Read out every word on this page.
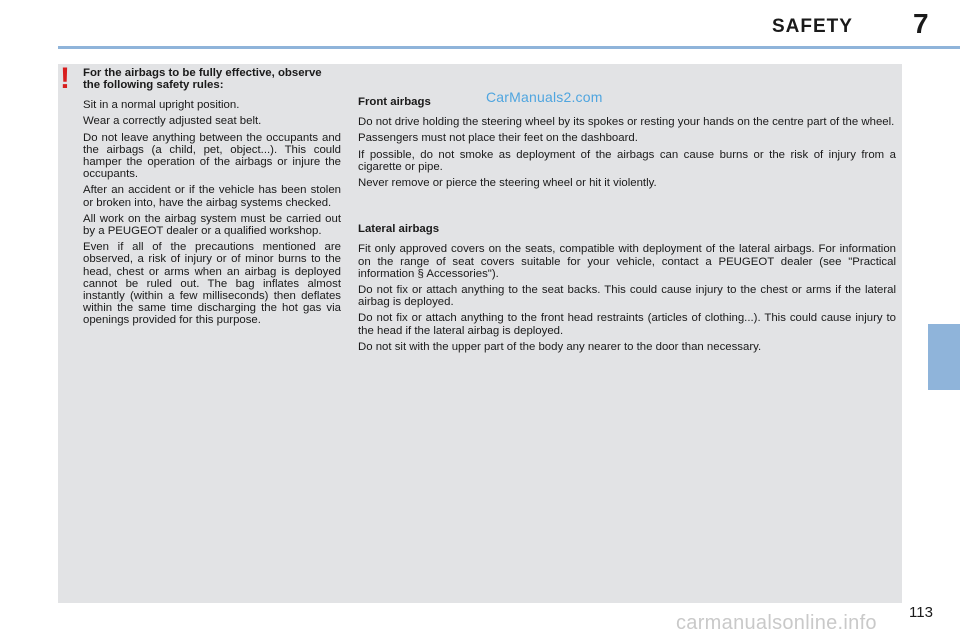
SAFETY 7
! For the airbags to be fully effective, observe the following safety rules:

Sit in a normal upright position.

Wear a correctly adjusted seat belt.

Do not leave anything between the occupants and the airbags (a child, pet, object...). This could hamper the operation of the airbags or injure the occupants.

After an accident or if the vehicle has been stolen or broken into, have the airbag systems checked.

All work on the airbag system must be carried out by a PEUGEOT dealer or a qualified workshop.

Even if all of the precautions mentioned are observed, a risk of injury or of minor burns to the head, chest or arms when an airbag is deployed cannot be ruled out. The bag inflates almost instantly (within a few milliseconds) then deflates within the same time discharging the hot gas via openings provided for this purpose.

CarManuals2.com
Front airbags

Do not drive holding the steering wheel by its spokes or resting your hands on the centre part of the wheel.

Passengers must not place their feet on the dashboard.

If possible, do not smoke as deployment of the airbags can cause burns or the risk of injury from a cigarette or pipe.

Never remove or pierce the steering wheel or hit it violently.

Lateral airbags

Fit only approved covers on the seats, compatible with deployment of the lateral airbags. For information on the range of seat covers suitable for your vehicle, contact a PEUGEOT dealer (see "Practical information § Accessories").

Do not fix or attach anything to the seat backs. This could cause injury to the chest or arms if the lateral airbag is deployed.

Do not fix or attach anything to the front head restraints (articles of clothing...). This could cause injury to the head if the lateral airbag is deployed.

Do not sit with the upper part of the body any nearer to the door than necessary.

113
carmanualsonline.info
